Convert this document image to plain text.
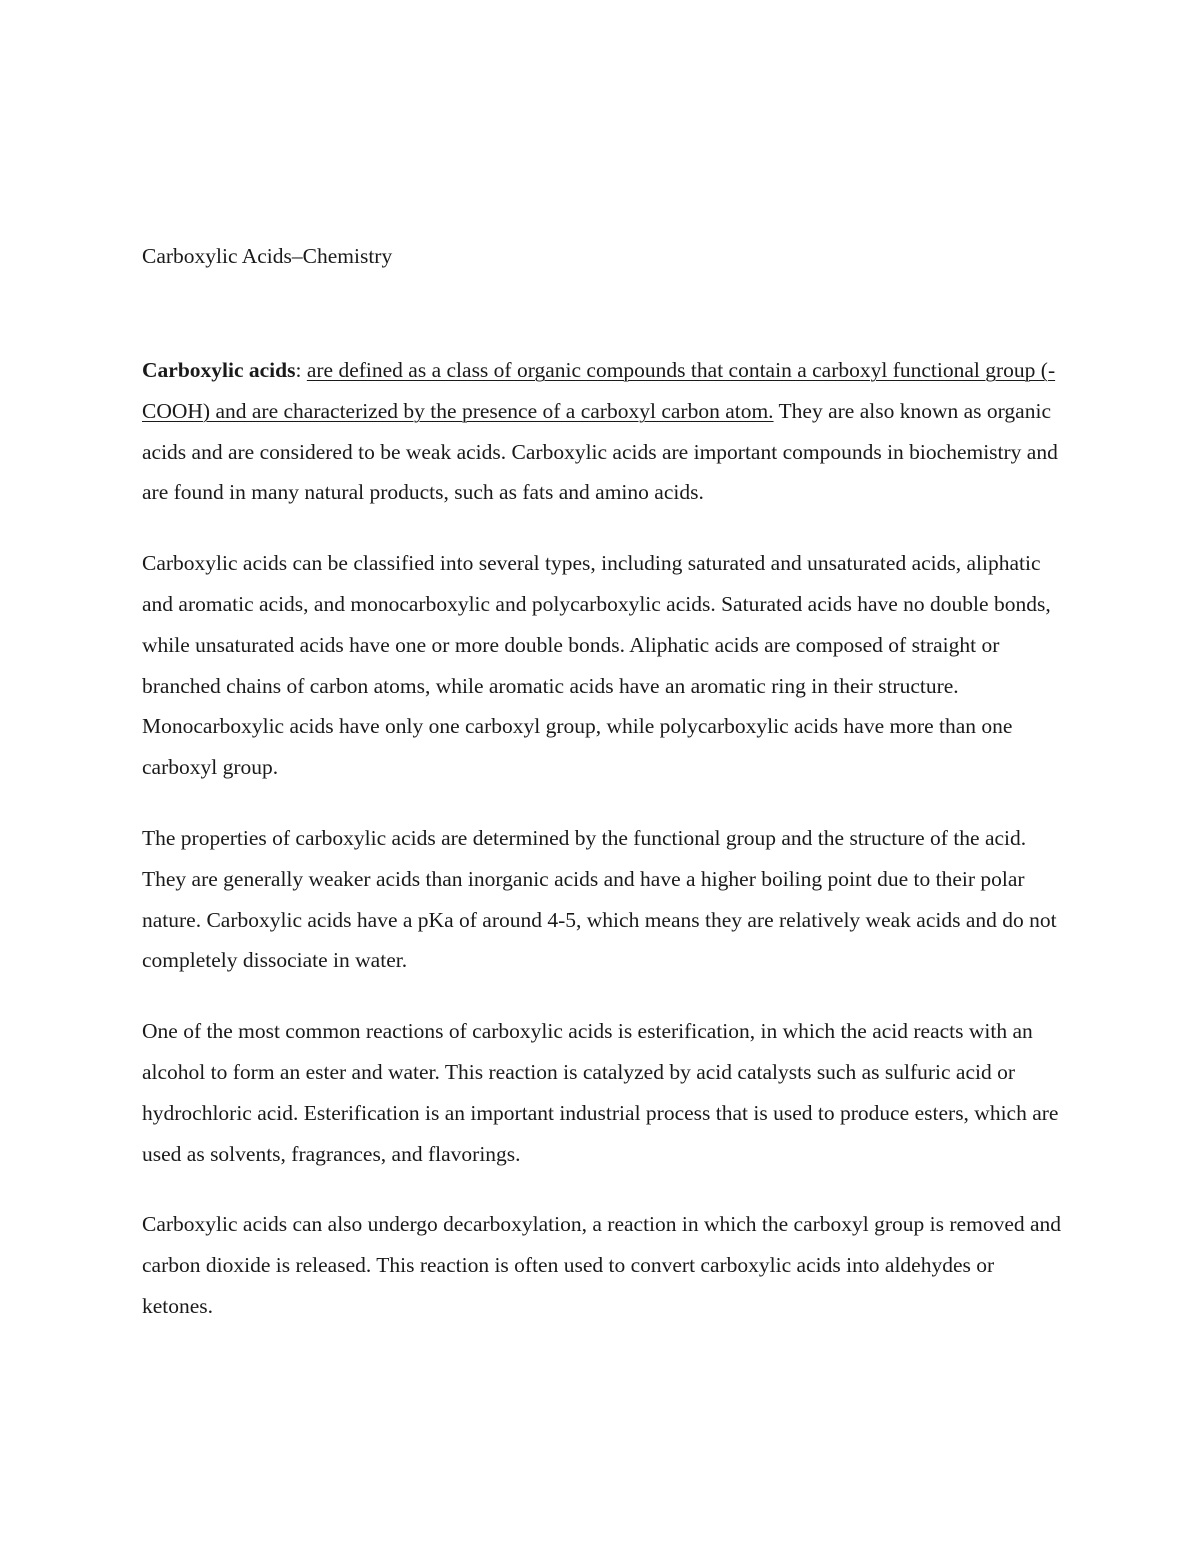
Carboxylic Acids–Chemistry

Carboxylic acids: are defined as a class of organic compounds that contain a carboxyl functional group (-COOH) and are characterized by the presence of a carboxyl carbon atom. They are also known as organic acids and are considered to be weak acids. Carboxylic acids are important compounds in biochemistry and are found in many natural products, such as fats and amino acids.

Carboxylic acids can be classified into several types, including saturated and unsaturated acids, aliphatic and aromatic acids, and monocarboxylic and polycarboxylic acids. Saturated acids have no double bonds, while unsaturated acids have one or more double bonds. Aliphatic acids are composed of straight or branched chains of carbon atoms, while aromatic acids have an aromatic ring in their structure. Monocarboxylic acids have only one carboxyl group, while polycarboxylic acids have more than one carboxyl group.

The properties of carboxylic acids are determined by the functional group and the structure of the acid. They are generally weaker acids than inorganic acids and have a higher boiling point due to their polar nature. Carboxylic acids have a pKa of around 4-5, which means they are relatively weak acids and do not completely dissociate in water.

One of the most common reactions of carboxylic acids is esterification, in which the acid reacts with an alcohol to form an ester and water. This reaction is catalyzed by acid catalysts such as sulfuric acid or hydrochloric acid. Esterification is an important industrial process that is used to produce esters, which are used as solvents, fragrances, and flavorings.

Carboxylic acids can also undergo decarboxylation, a reaction in which the carboxyl group is removed and carbon dioxide is released. This reaction is often used to convert carboxylic acids into aldehydes or ketones.
